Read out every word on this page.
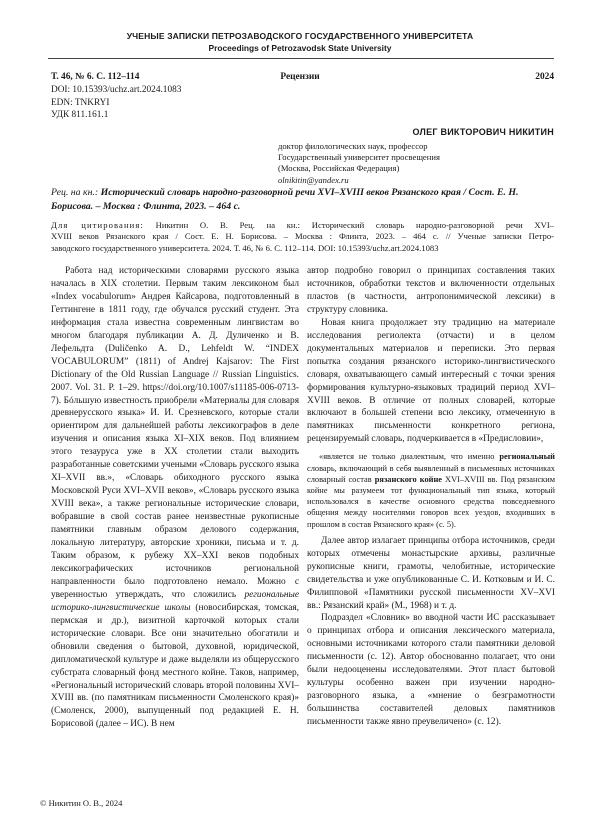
УЧЕНЫЕ ЗАПИСКИ ПЕТРОЗАВОДСКОГО ГОСУДАРСТВЕННОГО УНИВЕРСИТЕТА
Proceedings of Petrozavodsk State University
Т. 46, № 6. С. 112–114	Рецензии	2024
DOI: 10.15393/uchz.art.2024.1083
EDN: TNKRYI
УДК 811.161.1
ОЛЕГ ВИКТОРОВИЧ НИКИТИН
доктор филологических наук, профессор
Государственный университет просвещения
(Москва, Российская Федерация)
olnikitin@yandex.ru
Рец. на кн.: Исторический словарь народно-разговорной речи XVI–XVIII веков Рязанского края / Сост. Е. Н. Борисова. – Москва : Флинта, 2023. – 464 с.
Для цитирования: Никитин О. В. Рец. на кн.: Исторический словарь народно-разговорной речи XVI–
XVIII веков Рязанского края / Сост. Е. Н. Борисова. – Москва : Флинта, 2023. – 464 с. // Ученые записки Петро-
заводского государственного университета. 2024. Т. 46, № 6. С. 112–114. DOI: 10.15393/uchz.art.2024.1083

Работа над историческими словарями русского языка началась в XIX столетии. Первым таким лексиконом был «Index vocabulorum» Андрея Кайсарова, подготовленный в Геттингене в 1811 году, где обучался русский студент. Эта информация стала известна современным лингвистам во многом благодаря публикации А. Д. Дуличенко и В. Лефельдта (Duličenko A. D., Lehfeldt W. “INDEX VOCABULORUM” (1811) of Andrej Kajsarov: The First Dictionary of the Old Russian Language // Russian Linguistics. 2007. Vol. 31. P. 1–29. https://doi.org/10.1007/s11185-006-0713-7). Бóльшую известность приобрели «Материалы для словаря древнерусского языка» И. И. Срезневского, которые стали ориентиром для дальнейшей работы лексикографов в деле изучения и описания языка XI–XIX веков. Под влиянием этого тезауруса уже в XX столетии стали выходить разработанные советскими учеными «Словарь русского языка XI–XVII вв.», «Словарь обиходного русского языка Московской Руси XVI–XVII веков», «Словарь русского языка XVIII века», а также региональные исторические словари, вобравшие в свой состав ранее неизвестные рукописные памятники главным образом делового содержания, локальную литературу, авторские хроники, письма и т. д. Таким образом, к рубежу XX–XXI веков подобных лексикографических источников региональной направленности было подготовлено немало. Можно с уверенностью утверждать, что сложились региональные историко-лингвистические школы (новосибирская, томская, пермская и др.), визитной карточкой которых стали исторические словари. Все они значительно обогатили и обновили сведения о бытовой, духовной, юридической, дипломатической культуре и даже выделяли из общерусского субстрата словарный фонд местного койне. Таков, например, «Региональный исторический словарь второй половины XVI–XVIII вв. (по памятникам письменности Смоленского края)» (Смоленск, 2000), выпущенный под редакцией Е. Н. Борисовой (далее – ИС). В нем

автор подробно говорил о принципах составления таких источников, обработки текстов и включенности отдельных пластов (в частности, антропонимической лексики) в структуру словника.

Новая книга продолжает эту традицию на материале исследования региолекта (отчасти) и в целом документальных материалов и переписки. Это первая попытка создания рязанского историко-лингвистического словаря, охватывающего самый интересный с точки зрения формирования культурно-языковых традиций период XVI–XVIII веков. В отличие от полных словарей, которые включают в большей степени всю лексику, отмеченную в памятниках письменности конкретного региона, рецензируемый словарь, подчеркивается в «Предисловии»,

«является не только диалектным, что именно региональный словарь, включающий в себя выявленный в письменных источниках словарный состав рязанского койне XVI–XVIII вв. Под рязанским койне мы разумеем тот функциональный тип языка, который использовался в качестве основного средства повседневного общения между носителями говоров всех уездов, входивших в прошлом в состав Рязанского края» (с. 5).

Далее автор излагает принципы отбора источников, среди которых отмечены монастырские архивы, различные рукописные книги, грамоты, челобитные, исторические свидетельства и уже опубликованные С. И. Котковым и И. С. Филипповой «Памятники русской письменности XV–XVI вв.: Рязанский край» (М., 1968) и т. д.

Подраздел «Словник» во вводной части ИС рассказывает о принципах отбора и описания лексического материала, основными источниками которого стали памятники деловой письменности (с. 12). Автор обоснованно полагает, что они были недооценены исследователями. Этот пласт бытовой культуры особенно важен при изучении народно-разговорного языка, а «мнение о безграмотности большинства составителей деловых памятников письменности также явно преувеличено» (с. 12).

© Никитин О. В., 2024
